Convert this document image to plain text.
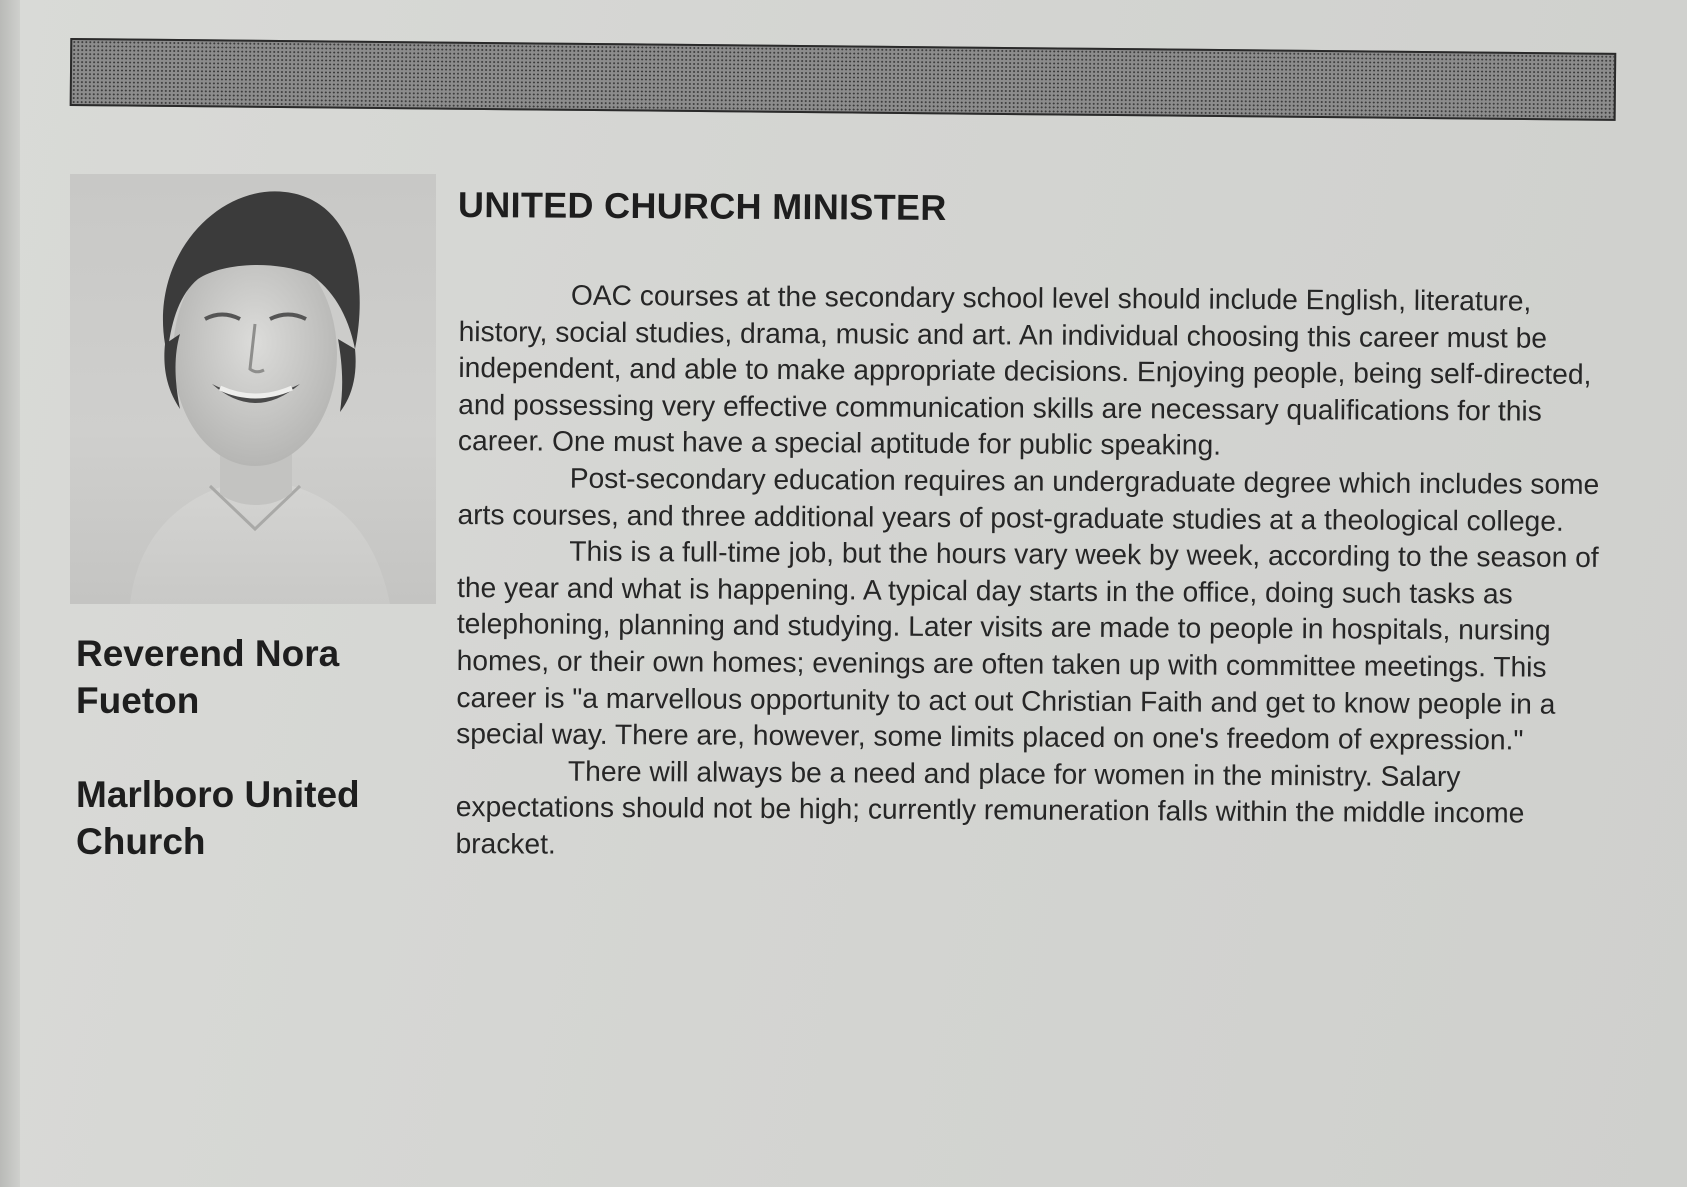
Reverend Nora Fueton
Marlboro United Church
UNITED CHURCH MINISTER

OAC courses at the secondary school level should include English, literature, history, social studies, drama, music and art. An individual choosing this career must be independent, and able to make appropriate decisions. Enjoying people, being self-directed, and possessing very effective communication skills are necessary qualifications for this career. One must have a special aptitude for public speaking.

Post-secondary education requires an undergraduate degree which includes some arts courses, and three additional years of post-graduate studies at a theological college.

This is a full-time job, but the hours vary week by week, according to the season of the year and what is happening. A typical day starts in the office, doing such tasks as telephoning, planning and studying. Later visits are made to people in hospitals, nursing homes, or their own homes; evenings are often taken up with committee meetings. This career is "a marvellous opportunity to act out Christian Faith and get to know people in a special way. There are, however, some limits placed on one's freedom of expression."

There will always be a need and place for women in the ministry. Salary expectations should not be high; currently remuneration falls within the middle income bracket.
